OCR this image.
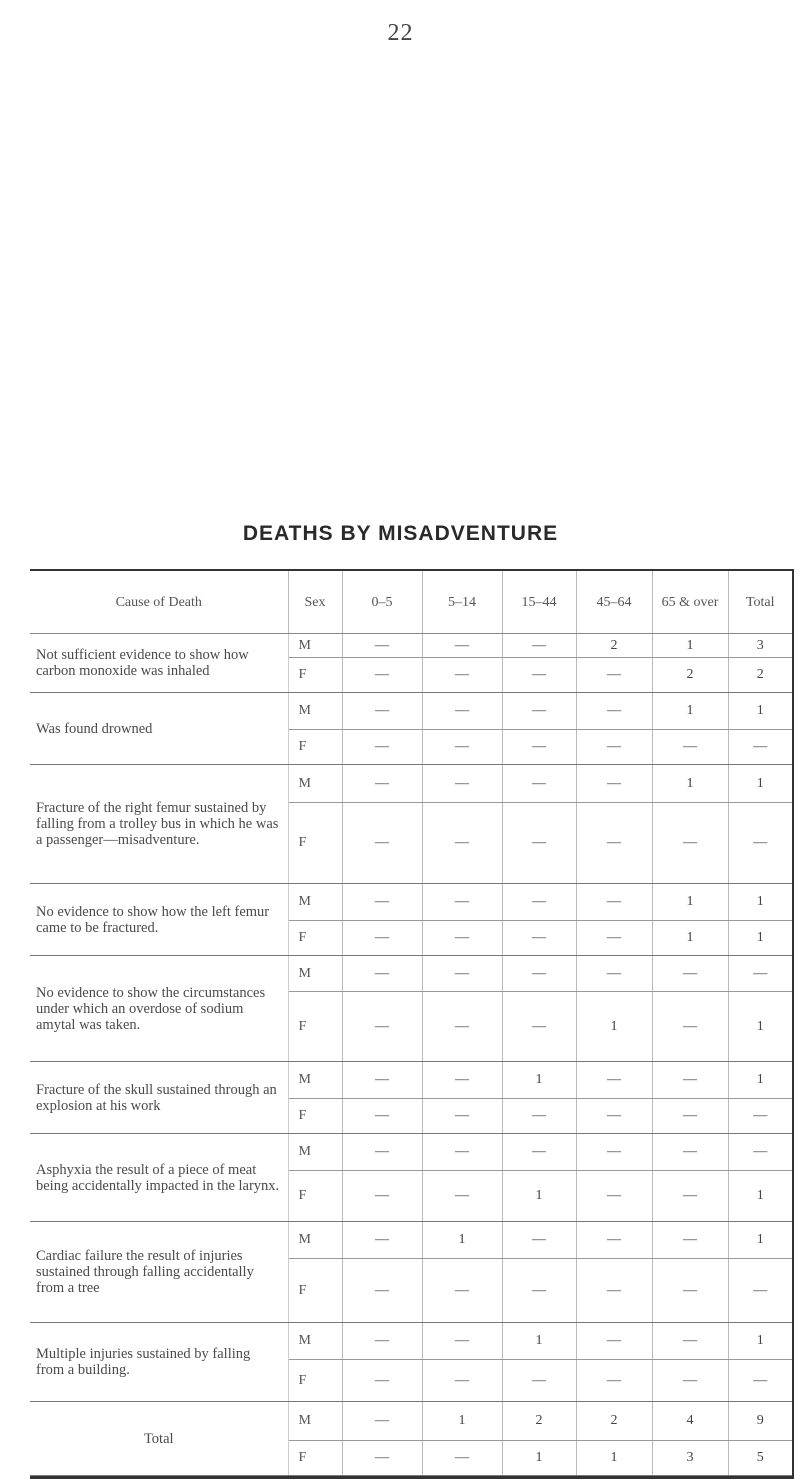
22
DEATHS BY MISADVENTURE
Cause of Death	Sex	0–5	5–14	15–44	45–64	65 & over	Total
Not sufficient evidence to show how carbon monoxide was inhaled	M	—	—	—	2	1	3
	F	—	—	—	—	2	2
Was found drowned	M	—	—	—	—	1	1
	F	—	—	—	—	—	—
Fracture of the right femur sustained by falling from a trolley bus in which he was a passenger—misadventure.	M	—	—	—	—	1	1
	F	—	—	—	—	—	—
No evidence to show how the left femur came to be fractured.	M	—	—	—	—	1	1
	F	—	—	—	—	1	1
No evidence to show the circumstances under which an overdose of sodium amytal was taken.	M	—	—	—	—	—	—
	F	—	—	—	1	—	1
Fracture of the skull sustained through an explosion at his work	M	—	—	1	—	—	1
	F	—	—	—	—	—	—
Asphyxia the result of a piece of meat being accidentally impacted in the larynx.	M	—	—	—	—	—	—
	F	—	—	1	—	—	1
Cardiac failure the result of injuries sustained through falling accidentally from a tree	M	—	1	—	—	—	1
	F	—	—	—	—	—	—
Multiple injuries sustained by falling from a building.	M	—	—	1	—	—	1
	F	—	—	—	—	—	—
Total	M	—	1	2	2	4	9
	F	—	—	1	1	3	5
